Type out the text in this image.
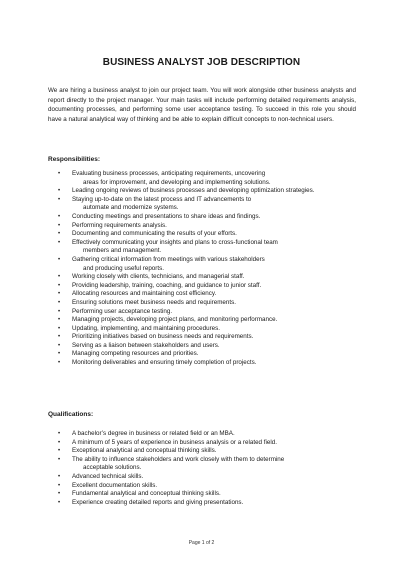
BUSINESS ANALYST JOB DESCRIPTION
We are hiring a business analyst to join our project team. You will work alongside other business analysts and report directly to the project manager. Your main tasks will include performing detailed requirements analysis, documenting processes, and performing some user acceptance testing. To succeed in this role you should have a natural analytical way of thinking and be able to explain difficult concepts to non-technical users.
Responsibilities:
• Evaluating business processes, anticipating requirements, uncovering
areas for improvement, and developing and implementing solutions.
• Leading ongoing reviews of business processes and developing optimization strategies.
• Staying up-to-date on the latest process and IT advancements to
automate and modernize systems.
• Conducting meetings and presentations to share ideas and findings.
• Performing requirements analysis.
• Documenting and communicating the results of your efforts.
• Effectively communicating your insights and plans to cross-functional team
members and management.
• Gathering critical information from meetings with various stakeholders
and producing useful reports.
• Working closely with clients, technicians, and managerial staff.
• Providing leadership, training, coaching, and guidance to junior staff.
• Allocating resources and maintaining cost efficiency.
• Ensuring solutions meet business needs and requirements.
• Performing user acceptance testing.
• Managing projects, developing project plans, and monitoring performance.
• Updating, implementing, and maintaining procedures.
• Prioritizing initiatives based on business needs and requirements.
• Serving as a liaison between stakeholders and users.
• Managing competing resources and priorities.
• Monitoring deliverables and ensuring timely completion of projects.
Qualifications:
• A bachelor’s degree in business or related field or an MBA.
• A minimum of 5 years of experience in business analysis or a related field.
• Exceptional analytical and conceptual thinking skills.
• The ability to influence stakeholders and work closely with them to determine
acceptable solutions.
• Advanced technical skills.
• Excellent documentation skills.
• Fundamental analytical and conceptual thinking skills.
• Experience creating detailed reports and giving presentations.
Page 1 of 2
